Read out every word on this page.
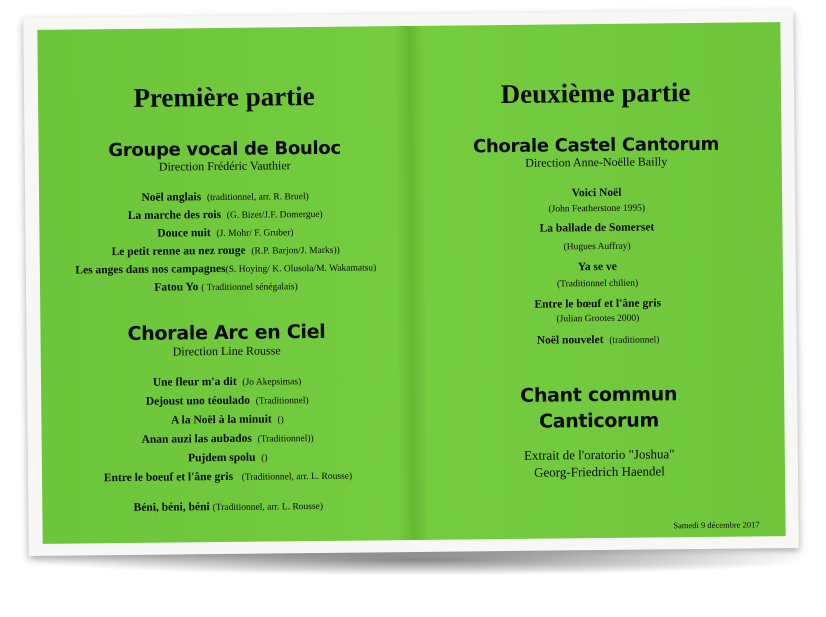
Première partie
Groupe vocal de Bouloc
Direction Frédéric Vauthier
Noël anglais (traditionnel, arr. R. Bruel)
La marche des rois (G. Bizet/J.F. Domergue)
Douce nuit (J. Mohr/ F. Gruber)
Le petit renne au nez rouge (R.P. Barjon/J. Marks))
Les anges dans nos campagnes(S. Hoying/ K. Olusola/M. Wakamatsu)
Fatou Yo ( Traditionnel sénégalais)
Chorale Arc en Ciel
Direction Line Rousse
Une fleur m'a dit (Jo Akepsimas)
Dejoust uno téoulado (Traditionnel)
A la Noël à la minuit ()
Anan auzi las aubados (Traditionnel))
Pujdem spolu ()
Entre le boeuf et l'âne gris (Traditionnel, arr. L. Rousse)
Béni, béni, béni (Traditionnel, arr. L. Rousse)
Deuxième partie
Chorale Castel Cantorum
Direction Anne-Noëlle Bailly
Voici Noël
(John Featherstone 1995)
La ballade de Somerset
(Hugues Auffray)
Ya se ve
(Traditionnel chilien)
Entre le bœuf et l'âne gris
(Julian Grootes 2000)
Noël nouvelet (traditionnel)
Chant commun
Canticorum
Extrait de l'oratorio "Joshua"
Georg-Friedrich Haendel
Samedi 9 décembre 2017
